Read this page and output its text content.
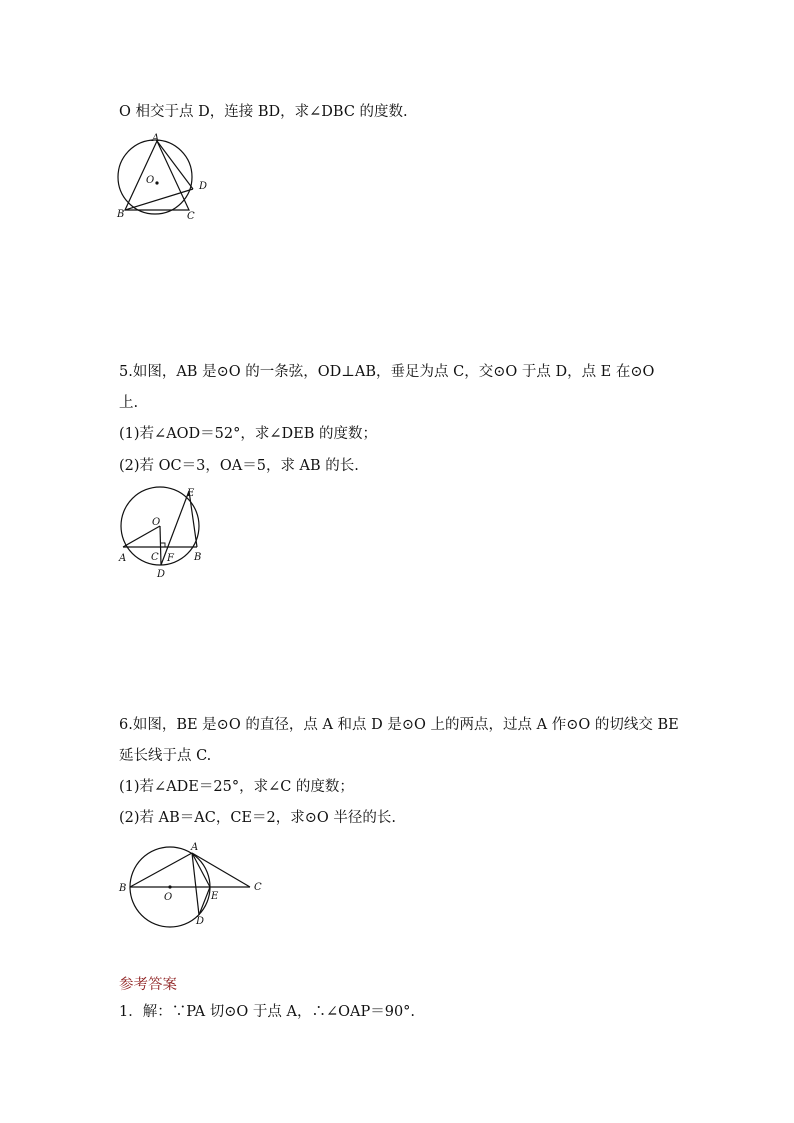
O 相交于点 D，连接 BD，求∠DBC 的度数.
A
O
D
B	C
5.如图，AB 是⊙O 的一条弦，OD⊥AB，垂足为点 C，交⊙O 于点 D，点 E 在⊙O
上.
(1)若∠AOD＝52°，求∠DEB 的度数；
(2)若 OC＝3，OA＝5，求 AB 的长.
E
O
A C F B
D
6.如图，BE 是⊙O 的直径，点 A 和点 D 是⊙O 上的两点，过点 A 作⊙O 的切线交 BE
延长线于点 C.
(1)若∠ADE＝25°，求∠C 的度数；
(2)若 AB＝AC，CE＝2，求⊙O 半径的长.
A
B
O	E
C
D
参考答案
1．解：∵PA 切⊙O 于点 A，∴∠OAP＝90°.
